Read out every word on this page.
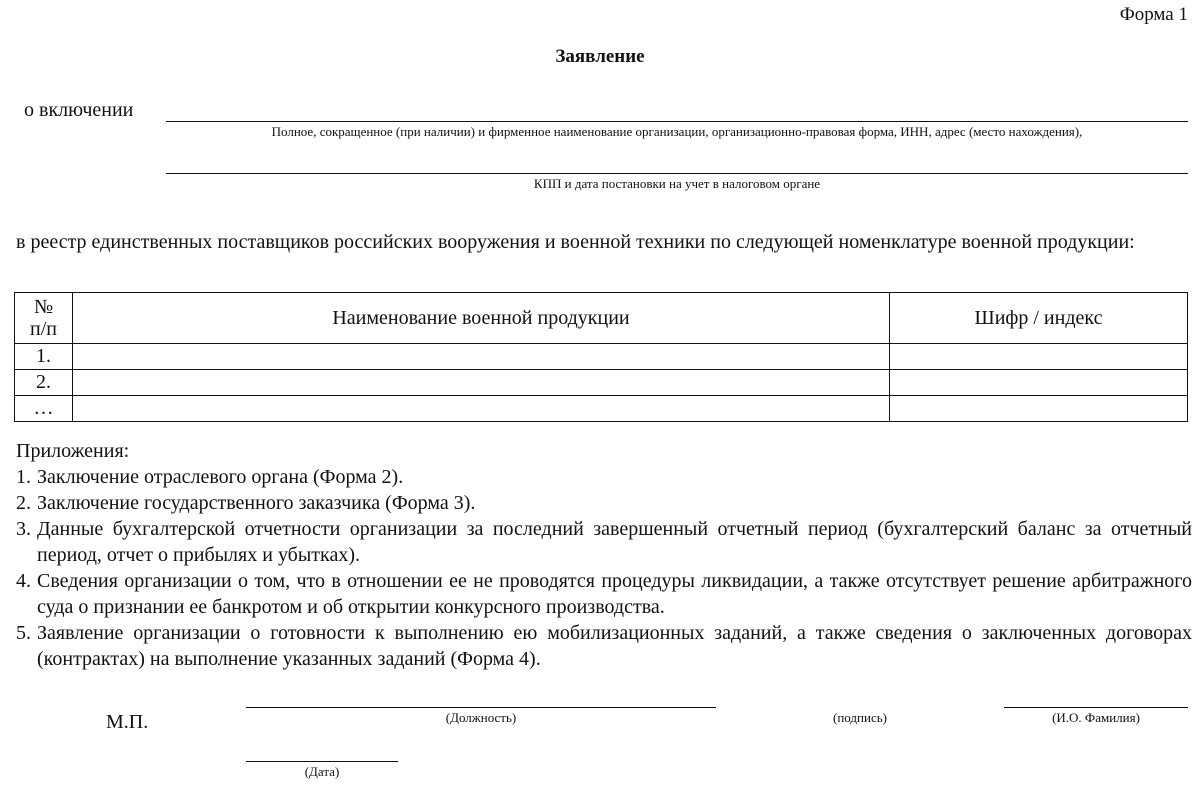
Форма 1
Заявление
о включении
Полное, сокращенное (при наличии) и фирменное наименование организации, организационно-правовая форма, ИНН, адрес (место нахождения),
КПП и дата постановки на учет в налоговом органе
в реестр единственных поставщиков российских вооружения и военной техники по следующей номенклатуре военной продукции:
№
п/п	Наименование военной продукции	Шифр / индекс
1.		
2.		
…		

Приложения:

1. Заключение отраслевого органа (Форма 2).
2. Заключение государственного заказчика (Форма 3).
3. Данные бухгалтерской отчетности организации за последний завершенный отчетный период (бухгалтерский баланс за отчетный период, отчет о прибылях и убытках).
4. Сведения организации о том, что в отношении ее не проводятся процедуры ликвидации, а также отсутствует решение арбитражного суда о признании ее банкротом и об открытии конкурсного производства.
5. Заявление организации о готовности к выполнению ею мобилизационных заданий, а также сведения о заключенных договорах (контрактах) на выполнение указанных заданий (Форма 4).
М.П.	(Должность)	(подпись)	(И.О. Фамилия)
(Дата)
